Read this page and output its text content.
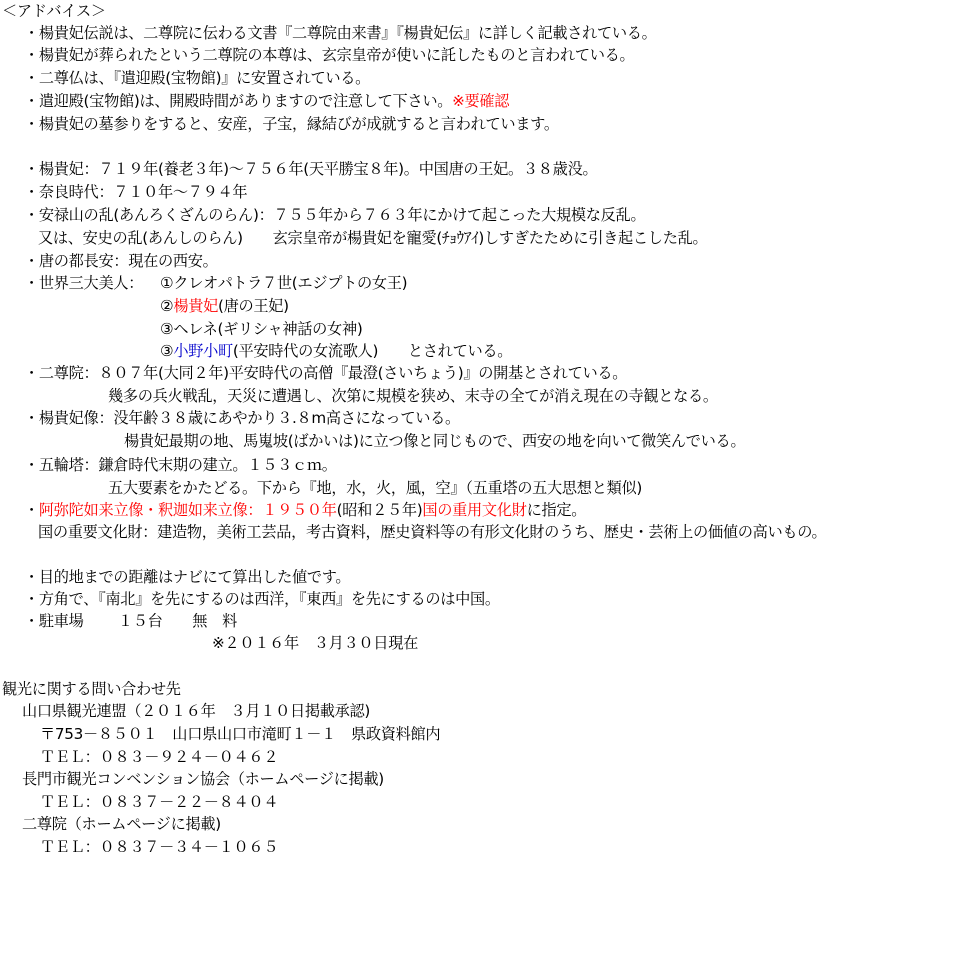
＜アドバイス＞

・楊貴妃伝説は、二尊院に伝わる文書『二尊院由来書』『楊貴妃伝』に詳しく記載されている。

・楊貴妃が葬られたという二尊院の本尊は、玄宗皇帝が使いに託したものと言われている。

・二尊仏は、『遣迎殿(宝物館)』に安置されている。

・遣迎殿(宝物館)は、開殿時間がありますので注意して下さい。※要確認

・楊貴妃の墓参りをすると、安産，子宝，縁結びが成就すると言われています。

・楊貴妃：７１９年(養老３年)～７５６年(天平勝宝８年)。中国唐の王妃。３８歳没。

・奈良時代：７１０年～７９４年

・安禄山の乱(あんろくざんのらん)：７５５年から７６３年にかけて起こった大規模な反乱。

又は、安史の乱(あんしのらん)　　玄宗皇帝が楊貴妃を寵愛(ﾁｮｳｱｲ)しすぎたために引き起こした乱。

・唐の都長安：現在の西安。

・世界三大美人：

①クレオパトラ７世(エジプトの女王)

②楊貴妃(唐の王妃)

③ヘレネ(ギリシャ神話の女神)

③小野小町(平安時代の女流歌人)　　とされている。

・二尊院：８０７年(大同２年)平安時代の高僧『最澄(さいちょう)』の開基とされている。

幾多の兵火戦乱，天災に遭遇し、次第に規模を狭め、末寺の全てが消え現在の寺観となる。

・楊貴妃像：没年齢３８歳にあやかり３.８m高さになっている。

楊貴妃最期の地、馬嵬坡(ばかいは)に立つ像と同じもので、西安の地を向いて微笑んでいる。

・五輪塔：鎌倉時代末期の建立。１５３ｃｍ。

五大要素をかたどる。下から『地，水，火，風，空』（五重塔の五大思想と類似)

・阿弥陀如来立像・釈迦如来立像：１９５０年(昭和２５年)国の重用文化財に指定。

国の重要文化財：建造物，美術工芸品，考古資料，歴史資料等の有形文化財のうち、歴史・芸術上の価値の高いもの。

・目的地までの距離はナビにて算出した値です。

・方角で、『南北』を先にするのは西洋，『東西』を先にするのは中国。

・駐車場　　 １５台　　無　料

※２０１６年　３月３０日現在

観光に関する問い合わせ先

山口県観光連盟（２０１６年　３月１０日掲載承認)

〒753－８５０１　山口県山口市滝町１－１　県政資料館内

ＴＥＬ：０８３－９２４－０４６２

長門市観光コンベンション協会（ホームページに掲載)

ＴＥＬ：０８３７－２２－８４０４

二尊院（ホームページに掲載)

ＴＥＬ：０８３７－３４－１０６５
